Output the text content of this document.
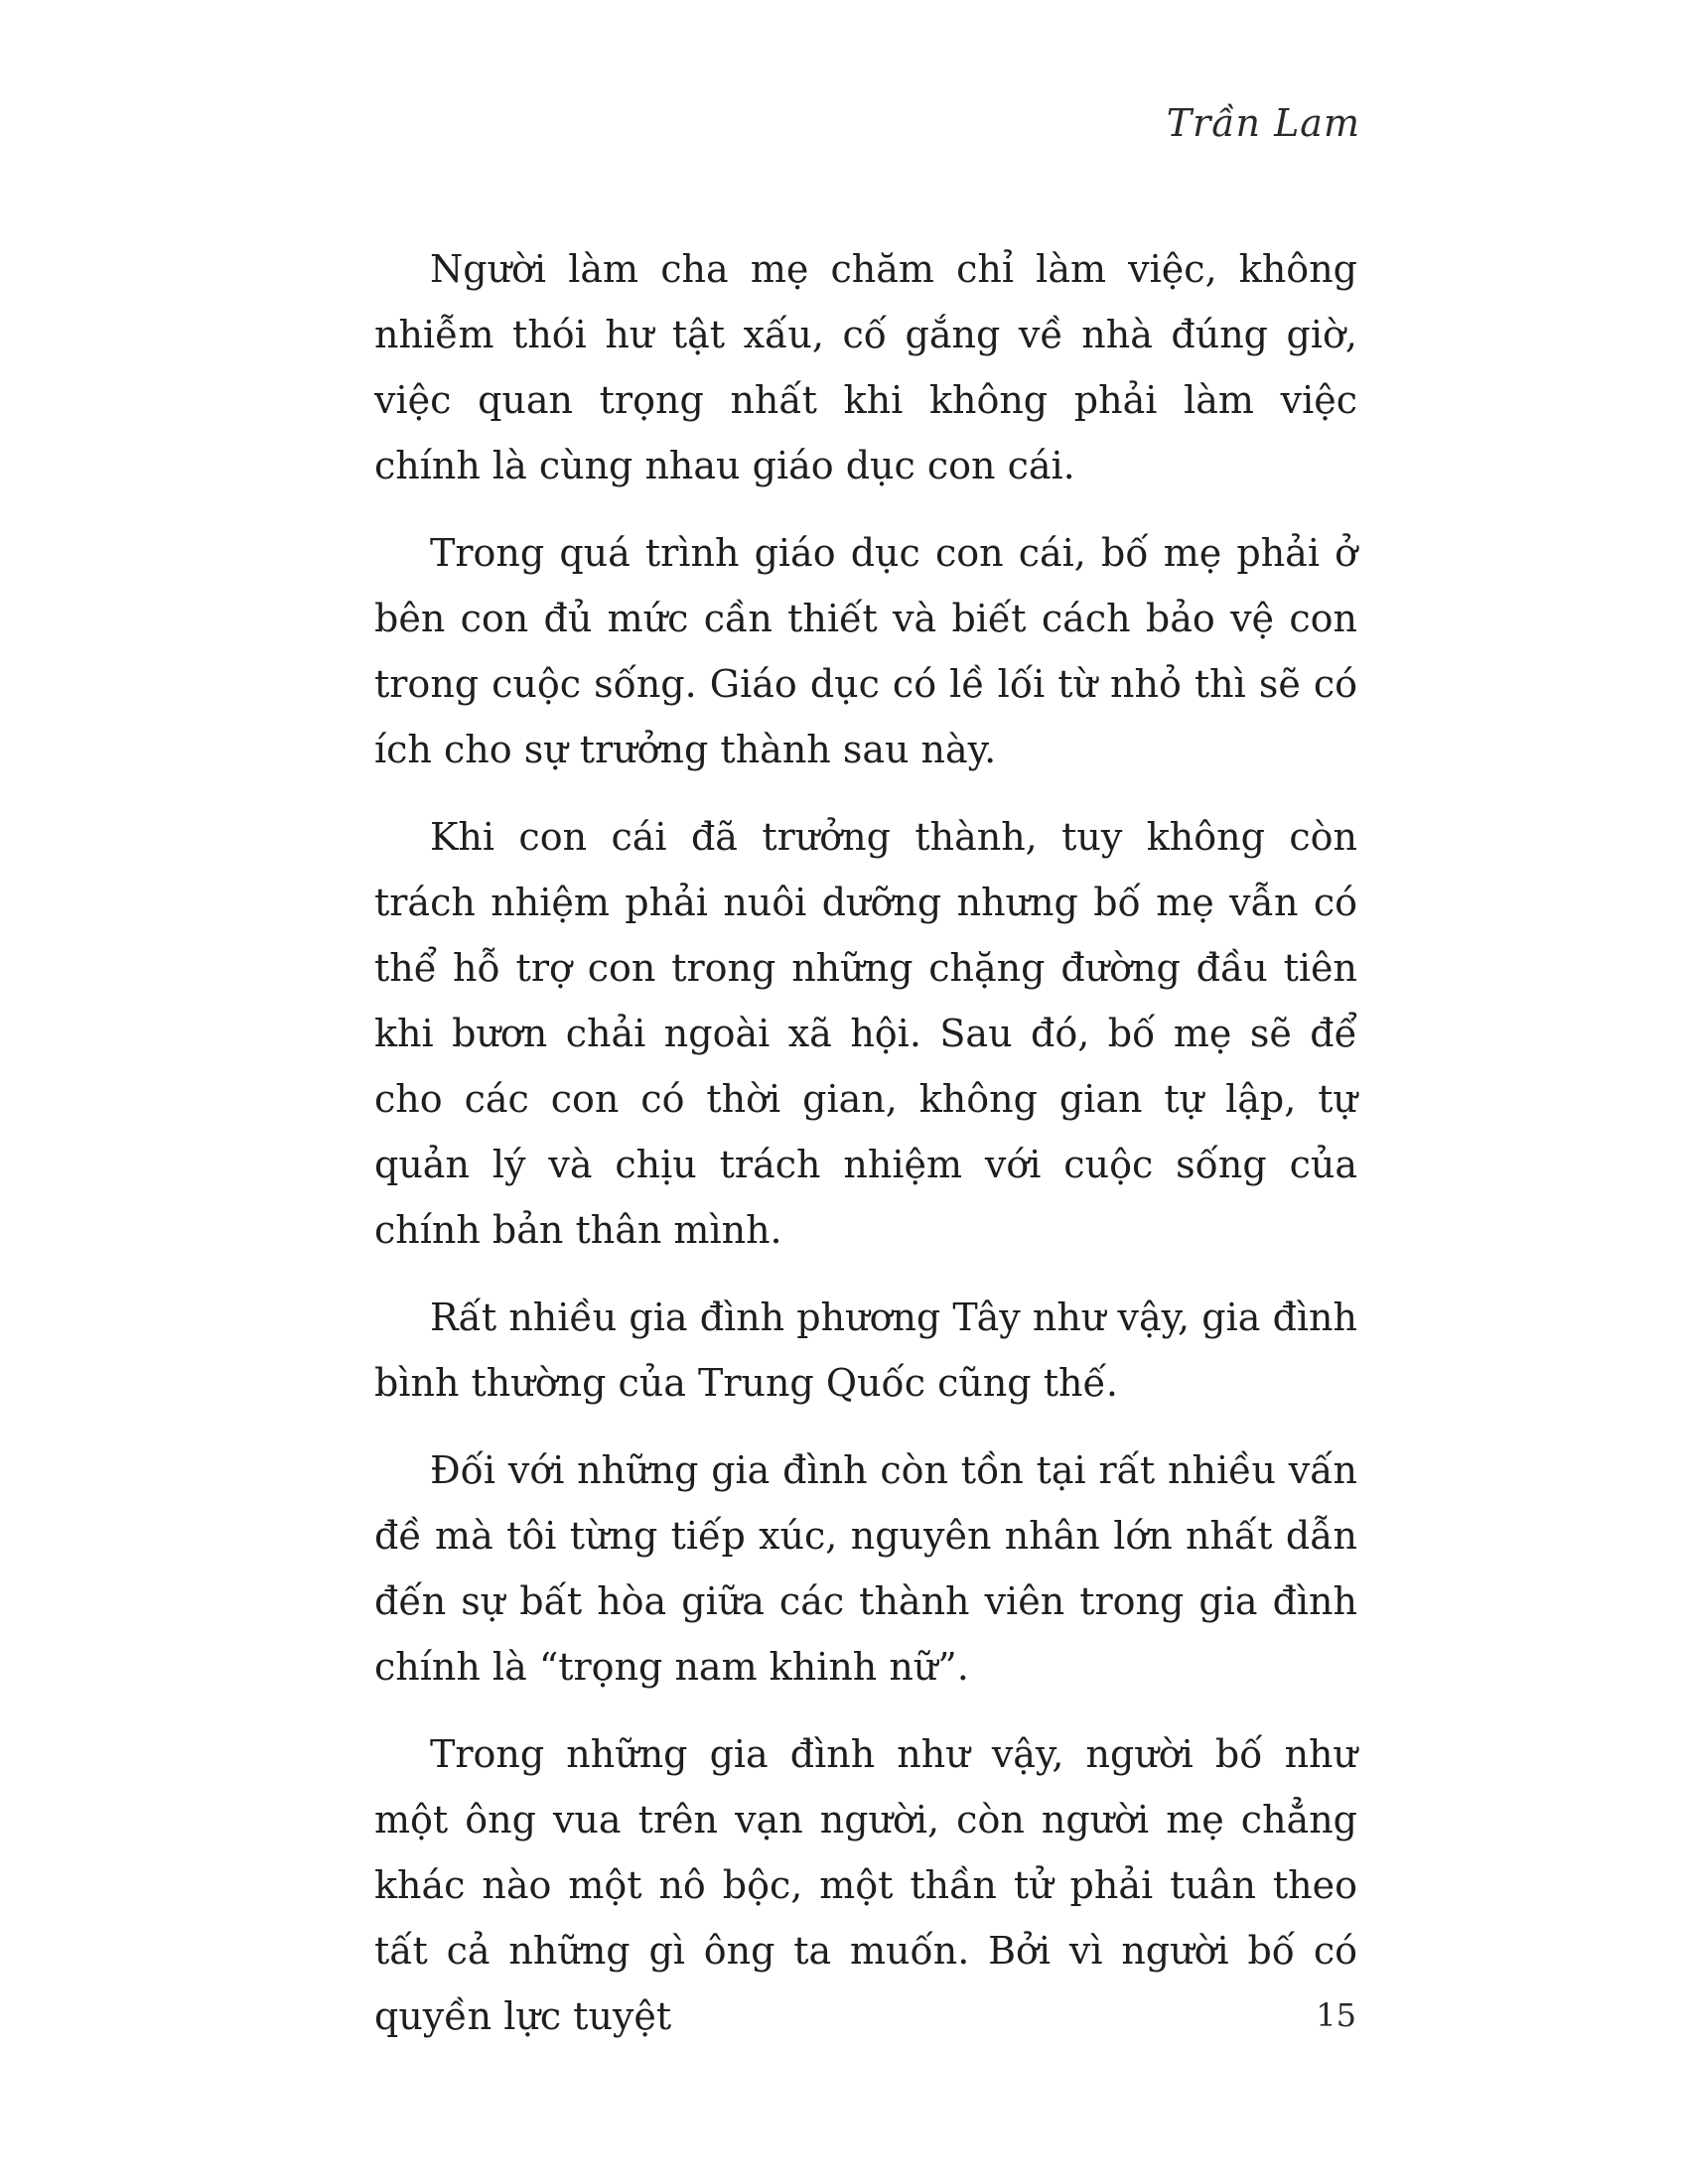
Trần Lam

Người làm cha mẹ chăm chỉ làm việc, không nhiễm thói hư tật xấu, cố gắng về nhà đúng giờ, việc quan trọng nhất khi không phải làm việc chính là cùng nhau giáo dục con cái.

Trong quá trình giáo dục con cái, bố mẹ phải ở bên con đủ mức cần thiết và biết cách bảo vệ con trong cuộc sống. Giáo dục có lề lối từ nhỏ thì sẽ có ích cho sự trưởng thành sau này.

Khi con cái đã trưởng thành, tuy không còn trách nhiệm phải nuôi dưỡng nhưng bố mẹ vẫn có thể hỗ trợ con trong những chặng đường đầu tiên khi bươn chải ngoài xã hội. Sau đó, bố mẹ sẽ để cho các con có thời gian, không gian tự lập, tự quản lý và chịu trách nhiệm với cuộc sống của chính bản thân mình.

Rất nhiều gia đình phương Tây như vậy, gia đình bình thường của Trung Quốc cũng thế.

Đối với những gia đình còn tồn tại rất nhiều vấn đề mà tôi từng tiếp xúc, nguyên nhân lớn nhất dẫn đến sự bất hòa giữa các thành viên trong gia đình chính là “trọng nam khinh nữ”.

Trong những gia đình như vậy, người bố như một ông vua trên vạn người, còn người mẹ chẳng khác nào một nô bộc, một thần tử phải tuân theo tất cả những gì ông ta muốn. Bởi vì người bố có quyền lực tuyệt	15
